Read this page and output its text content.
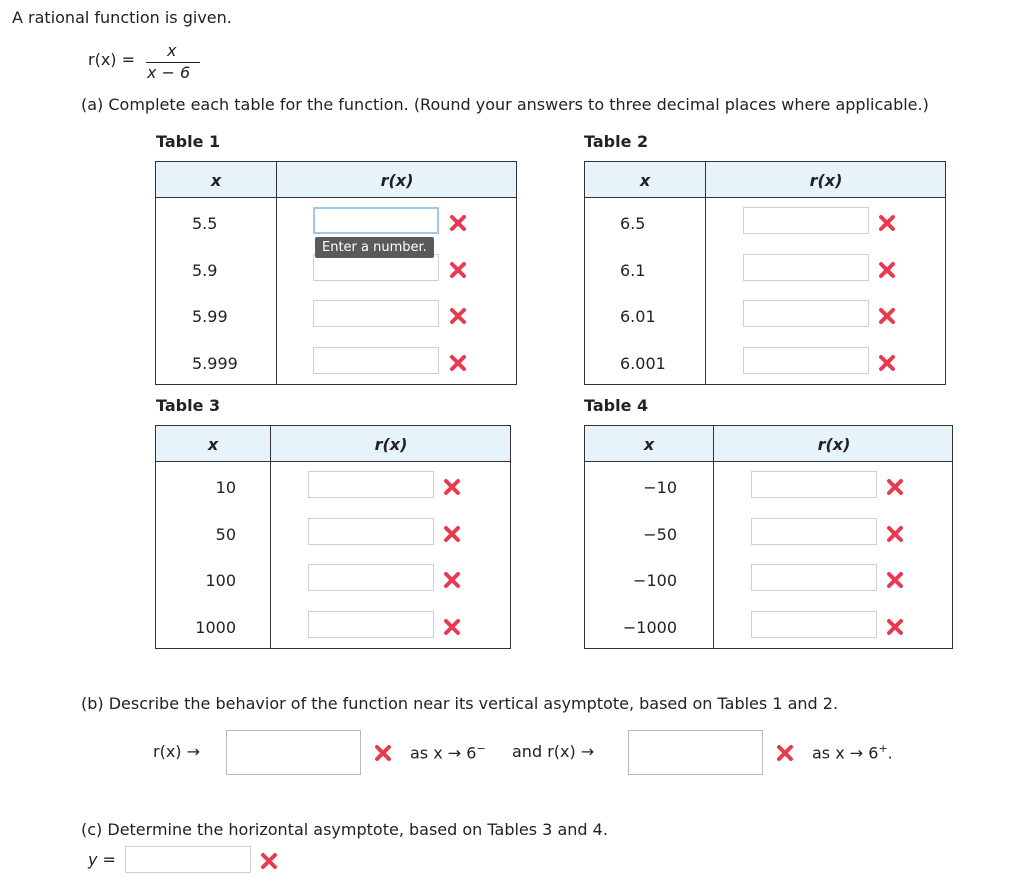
A rational function is given.
r(x) = x
x − 6
(a) Complete each table for the function. (Round your answers to three decimal places where applicable.)
Table 1	Table 2
Table 3	Table 4
x	r(x)
5.5
5.9
5.99
5.999
Enter a number.
x	r(x)
6.5
6.1
6.01
6.001
x	r(x)
10
50
100
1000
x	r(x)
−10
−50
−100
−1000
(b) Describe the behavior of the function near its vertical asymptote, based on Tables 1 and 2.
r(x) →	as x → 6− and r(x) →	as x → 6+.
(c) Determine the horizontal asymptote, based on Tables 3 and 4.
y =
